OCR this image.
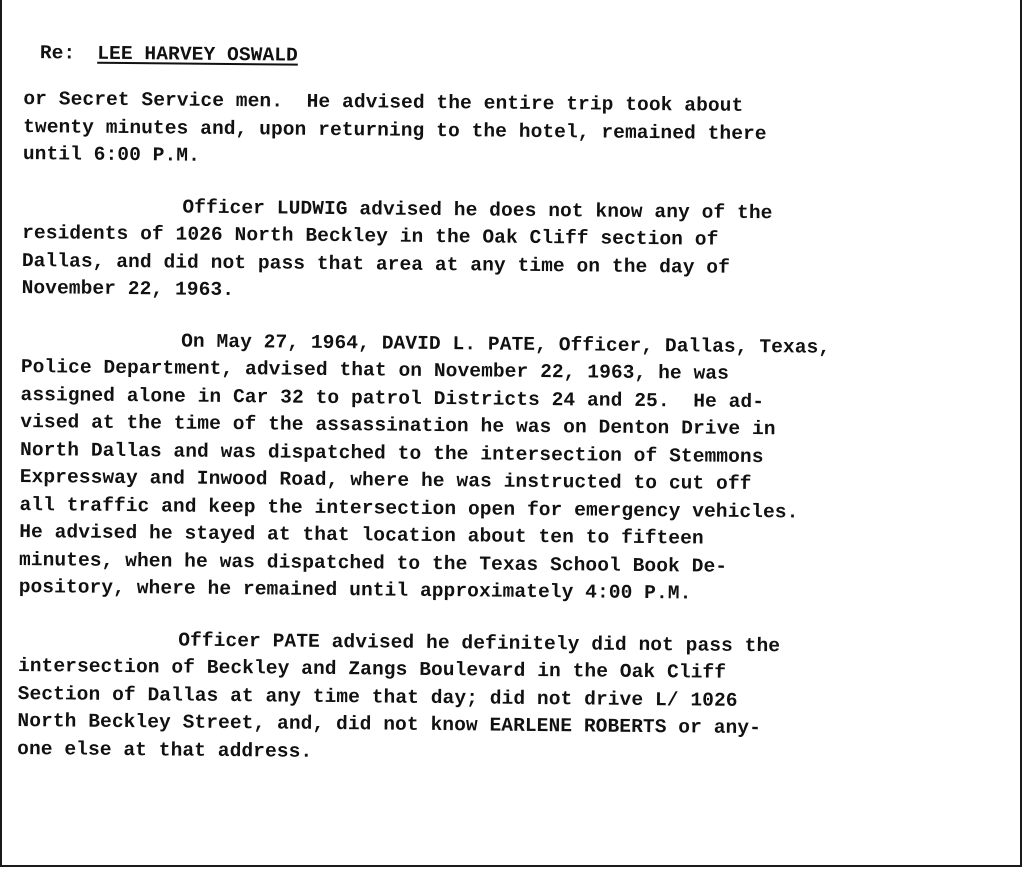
Re: LEE HARVEY OSWALD
or Secret Service men.  He advised the entire trip took about
twenty minutes and, upon returning to the hotel, remained there
until 6:00 P.M.
Officer LUDWIG advised he does not know any of the
residents of 1026 North Beckley in the Oak Cliff section of
Dallas, and did not pass that area at any time on the day of
November 22, 1963.
On May 27, 1964, DAVID L. PATE, Officer, Dallas, Texas,
Police Department, advised that on November 22, 1963, he was
assigned alone in Car 32 to patrol Districts 24 and 25.  He ad-
vised at the time of the assassination he was on Denton Drive in
North Dallas and was dispatched to the intersection of Stemmons
Expressway and Inwood Road, where he was instructed to cut off
all traffic and keep the intersection open for emergency vehicles.
He advised he stayed at that location about ten to fifteen
minutes, when he was dispatched to the Texas School Book De-
pository, where he remained until approximately 4:00 P.M.
Officer PATE advised he definitely did not pass the
intersection of Beckley and Zangs Boulevard in the Oak Cliff
Section of Dallas at any time that day; did not drive L/ 1026
North Beckley Street, and, did not know EARLENE ROBERTS or any-
one else at that address.
